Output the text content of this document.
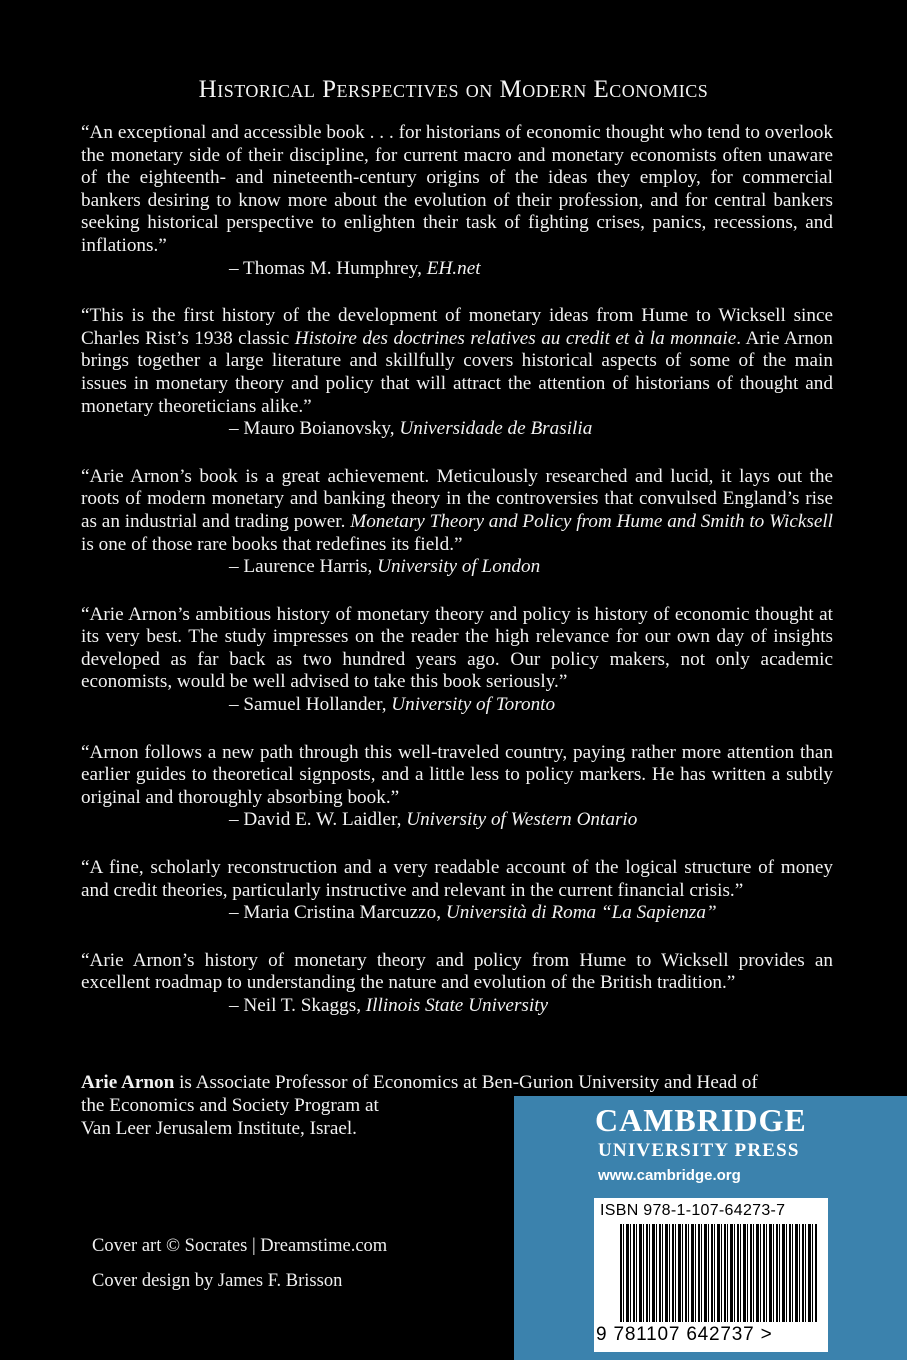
Historical Perspectives on Modern Economics
“An exceptional and accessible book . . . for historians of economic thought who tend to overlook the monetary side of their discipline, for current macro and monetary economists often unaware of the eighteenth- and nineteenth-century origins of the ideas they employ, for commercial bankers desiring to know more about the evolution of their profession, and for central bankers seeking historical perspective to enlighten their task of fighting crises, panics, recessions, and inflations.”
– Thomas M. Humphrey, EH.net
“This is the first history of the development of monetary ideas from Hume to Wicksell since Charles Rist’s 1938 classic Histoire des doctrines relatives au credit et à la monnaie. Arie Arnon brings together a large literature and skillfully covers historical aspects of some of the main issues in monetary theory and policy that will attract the attention of historians of thought and monetary theoreticians alike.”
– Mauro Boianovsky, Universidade de Brasilia
“Arie Arnon’s book is a great achievement. Meticulously researched and lucid, it lays out the roots of modern monetary and banking theory in the controversies that convulsed England’s rise as an industrial and trading power. Monetary Theory and Policy from Hume and Smith to Wicksell is one of those rare books that redefines its field.”
– Laurence Harris, University of London
“Arie Arnon’s ambitious history of monetary theory and policy is history of economic thought at its very best. The study impresses on the reader the high relevance for our own day of insights developed as far back as two hundred years ago. Our policy makers, not only academic economists, would be well advised to take this book seriously.”
– Samuel Hollander, University of Toronto
“Arnon follows a new path through this well-traveled country, paying rather more attention than earlier guides to theoretical signposts, and a little less to policy markers. He has written a subtly original and thoroughly absorbing book.”
– David E. W. Laidler, University of Western Ontario
“A fine, scholarly reconstruction and a very readable account of the logical structure of money and credit theories, particularly instructive and relevant in the current financial crisis.”
– Maria Cristina Marcuzzo, Università di Roma “La Sapienza”
“Arie Arnon’s history of monetary theory and policy from Hume to Wicksell provides an excellent roadmap to understanding the nature and evolution of the British tradition.”
– Neil T. Skaggs, Illinois State University
Arie Arnon is Associate Professor of Economics at Ben-Gurion University and Head of
the Economics and Society Program at
Van Leer Jerusalem Institute, Israel.
Cover art © Socrates | Dreamstime.com
Cover design by James F. Brisson
CAMBRIDGE
UNIVERSITY PRESS
www.cambridge.org
ISBN 978-1-107-64273-7
9 781107 642737 >
